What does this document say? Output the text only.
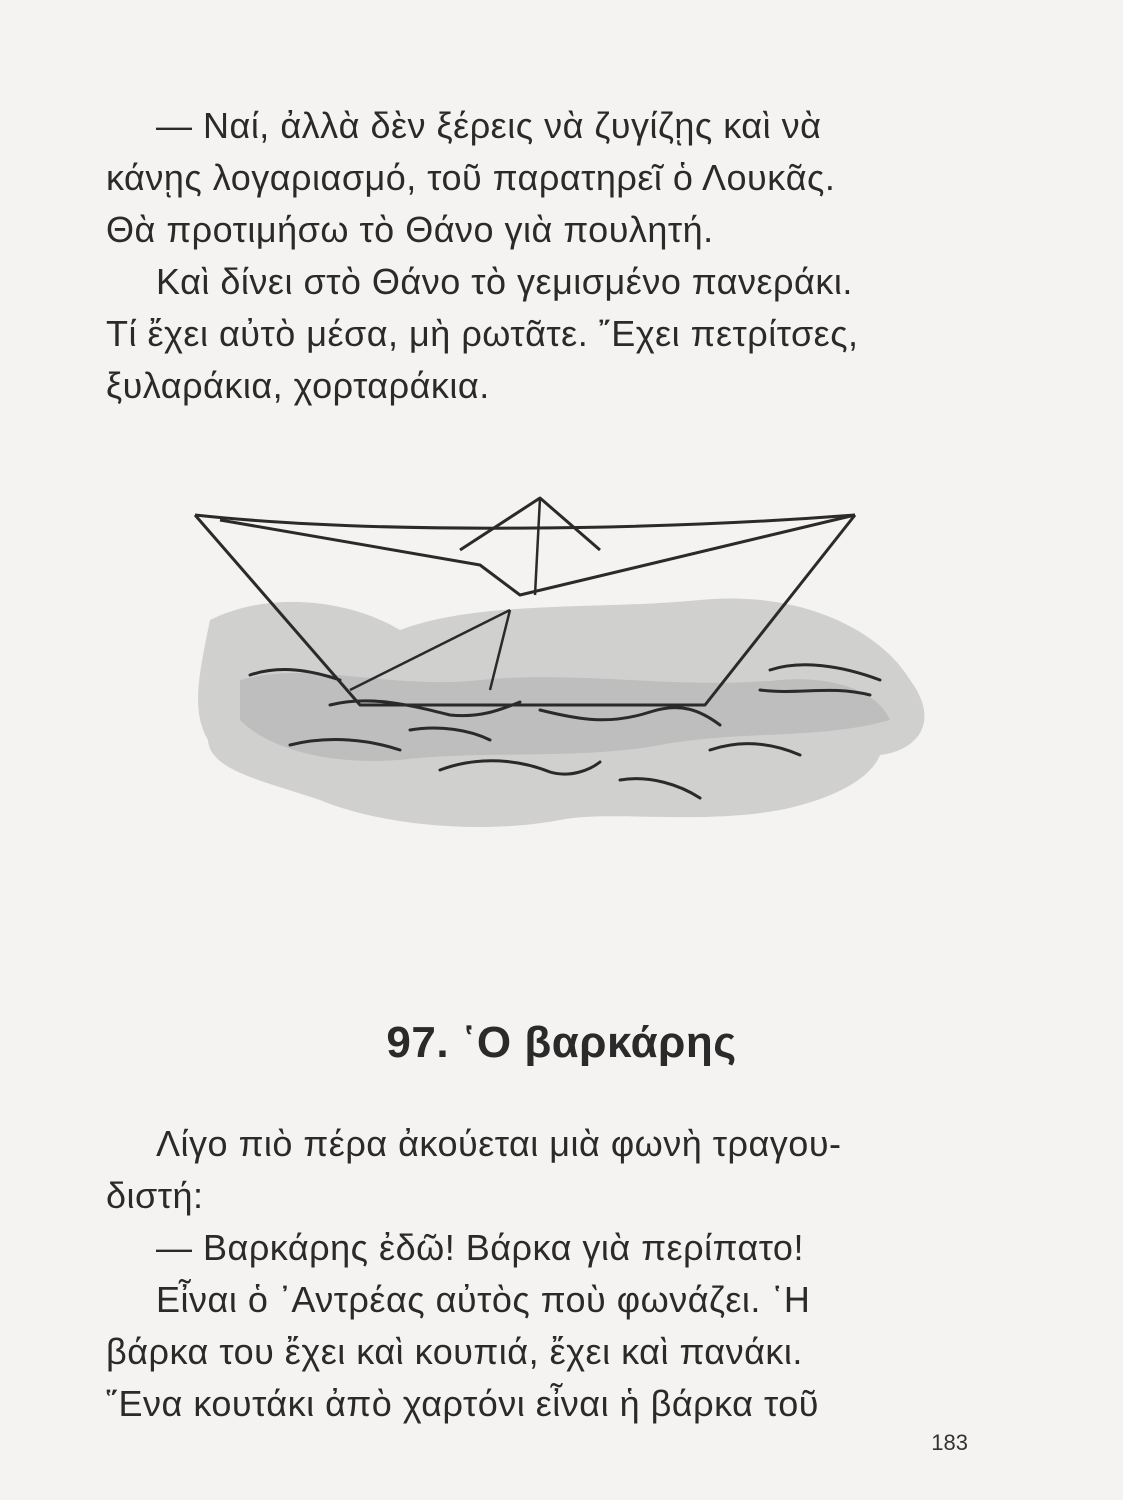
— Ναί, ἀλλὰ δὲν ξέρεις νὰ ζυγίζῃς καὶ νὰ
κάνῃς λογαριασμό, τοῦ παρατηρεῖ ὁ Λουκᾶς.
Θὰ προτιμήσω τὸ Θάνο γιὰ πουλητή.
Καὶ δίνει στὸ Θάνο τὸ γεμισμένο πανεράκι.
Τί ἔχει αὐτὸ μέσα, μὴ ρωτᾶτε. ῎Εχει πετρίτσες,
ξυλαράκια, χορταράκια.
97. ῾Ο βαρκάρης
Λίγο πιὸ πέρα ἀκούεται μιὰ φωνὴ τραγου-
διστή:
— Βαρκάρης ἐδῶ! Βάρκα γιὰ περίπατο!
Εἶναι ὁ ᾿Αντρέας αὐτὸς ποὺ φωνάζει. ῾Η
βάρκα του ἔχει καὶ κουπιά, ἔχει καὶ πανάκι.
῞Ενα κουτάκι ἀπὸ χαρτόνι εἶναι ἡ βάρκα τοῦ
183
